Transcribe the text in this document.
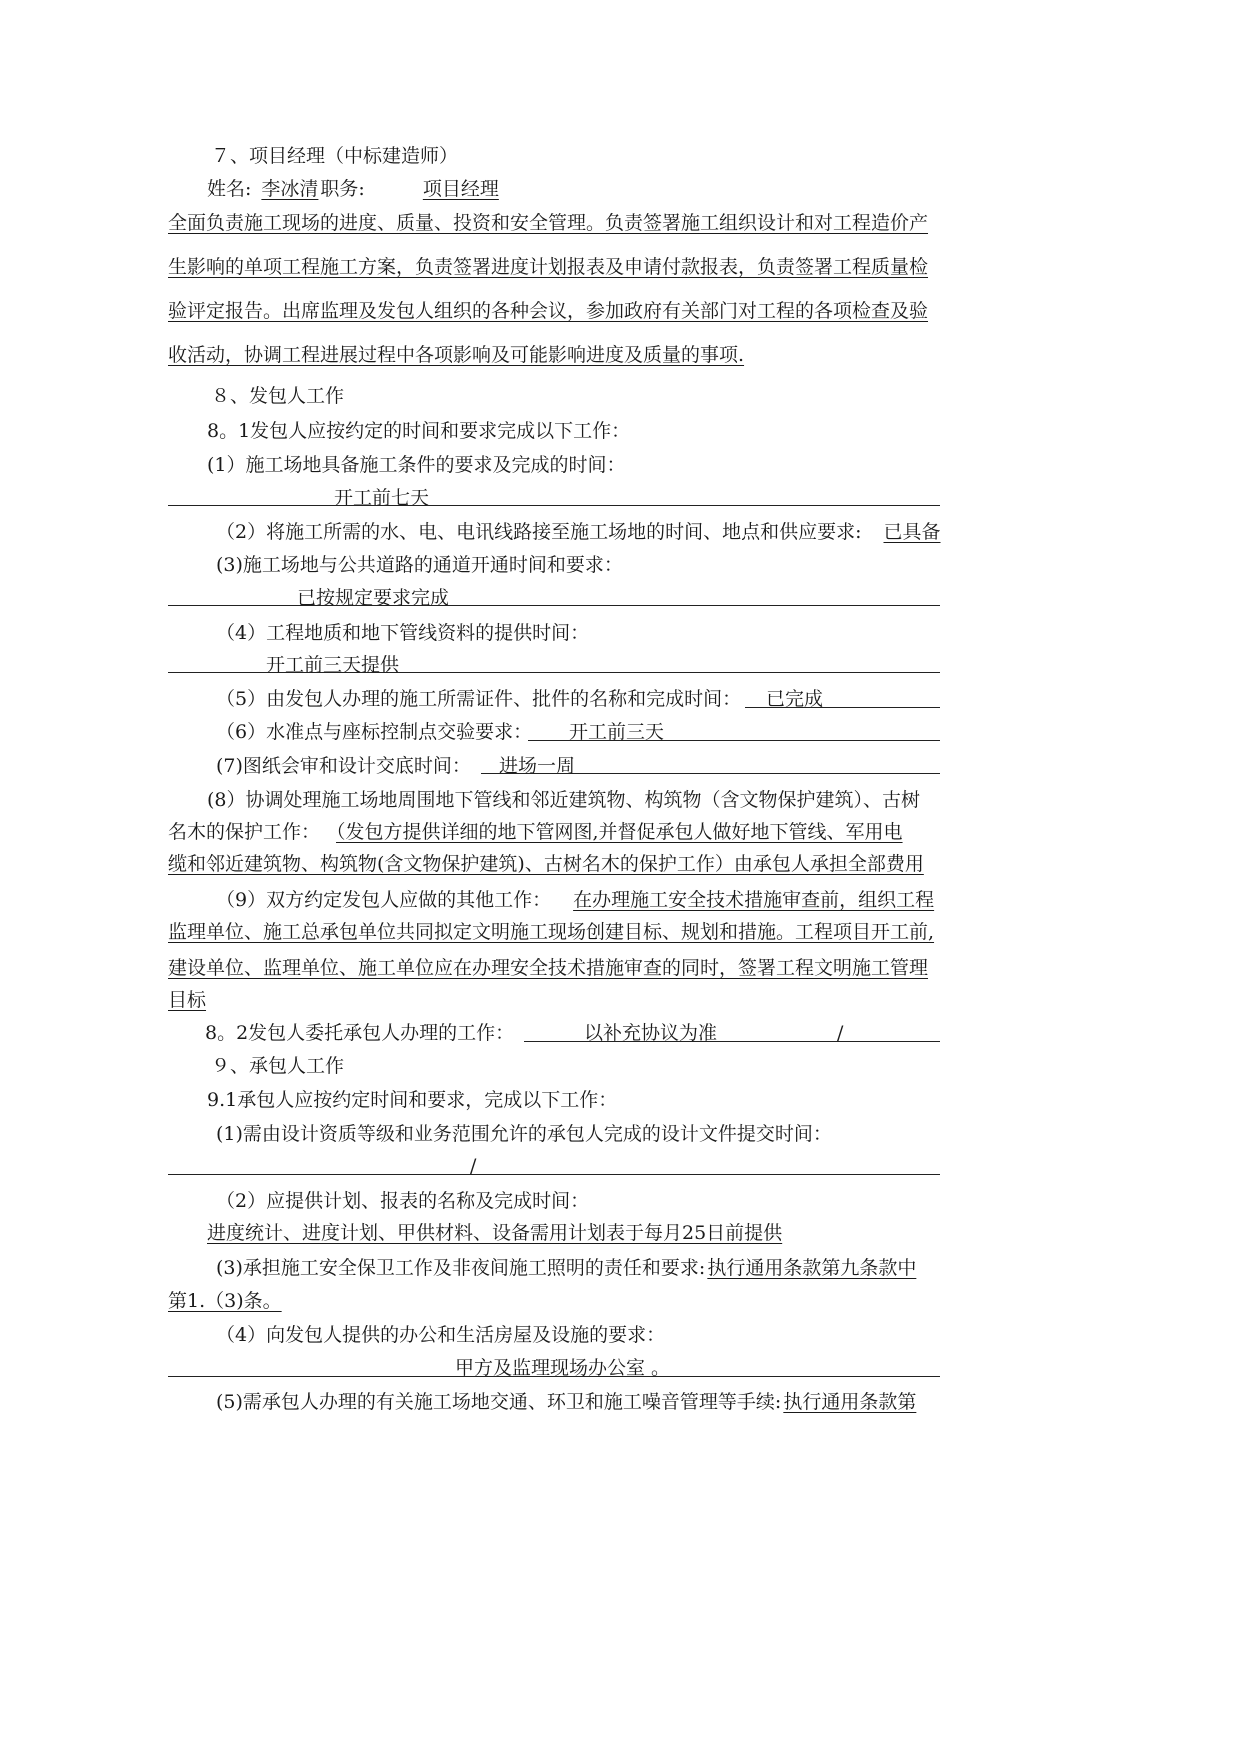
７、项目经理（中标建造师）
姓名: 李冰清 职务:	项目经理
全面负责施工现场的进度、质量、投资和安全管理。负责签署施工组织设计和对工程造价产
生影响的单项工程施工方案，负责签署进度计划报表及申请付款报表，负责签署工程质量检
验评定报告。出席监理及发包人组织的各种会议，参加政府有关部门对工程的各项检查及验
收活动，协调工程进展过程中各项影响及可能影响进度及质量的事项.
８、发包人工作
8。1发包人应按约定的时间和要求完成以下工作：
(1）施工场地具备施工条件的要求及完成的时间：
开工前七天
（2）将施工所需的水、电、电讯线路接至施工场地的时间、地点和供应要求: 已具备
(3)施工场地与公共道路的通道开通时间和要求：
已按规定要求完成
（4）工程地质和地下管线资料的提供时间：
开工前三天提供
（5）由发包人办理的施工所需证件、批件的名称和完成时间： 已完成
（6）水准点与座标控制点交验要求： 开工前三天
(7)图纸会审和设计交底时间： 进场一周
(8）协调处理施工场地周围地下管线和邻近建筑物、构筑物（含文物保护建筑）、古树
名木的保护工作： （发包方提供详细的地下管网图,并督促承包人做好地下管线、军用电
缆和邻近建筑物、构筑物(含文物保护建筑)、古树名木的保护工作）由承包人承担全部费用
（9）双方约定发包人应做的其他工作： 在办理施工安全技术措施审查前，组织工程
监理单位、施工总承包单位共同拟定文明施工现场创建目标、规划和措施。工程项目开工前,
建设单位、监理单位、施工单位应在办理安全技术措施审查的同时，签署工程文明施工管理
目标
8。2发包人委托承包人办理的工作：	以补充协议为准	/
９、承包人工作
9.1承包人应按约定时间和要求，完成以下工作：
(1)需由设计资质等级和业务范围允许的承包人完成的设计文件提交时间：
/
（2）应提供计划、报表的名称及完成时间：
进度统计、进度计划、甲供材料、设备需用计划表于每月25日前提供
(3)承担施工安全保卫工作及非夜间施工照明的责任和要求: 执行通用条款第九条款中
第1.（3)条。
（4）向发包人提供的办公和生活房屋及设施的要求：
甲方及监理现场办公室 。
(5)需承包人办理的有关施工场地交通、环卫和施工噪音管理等手续: 执行通用条款第
